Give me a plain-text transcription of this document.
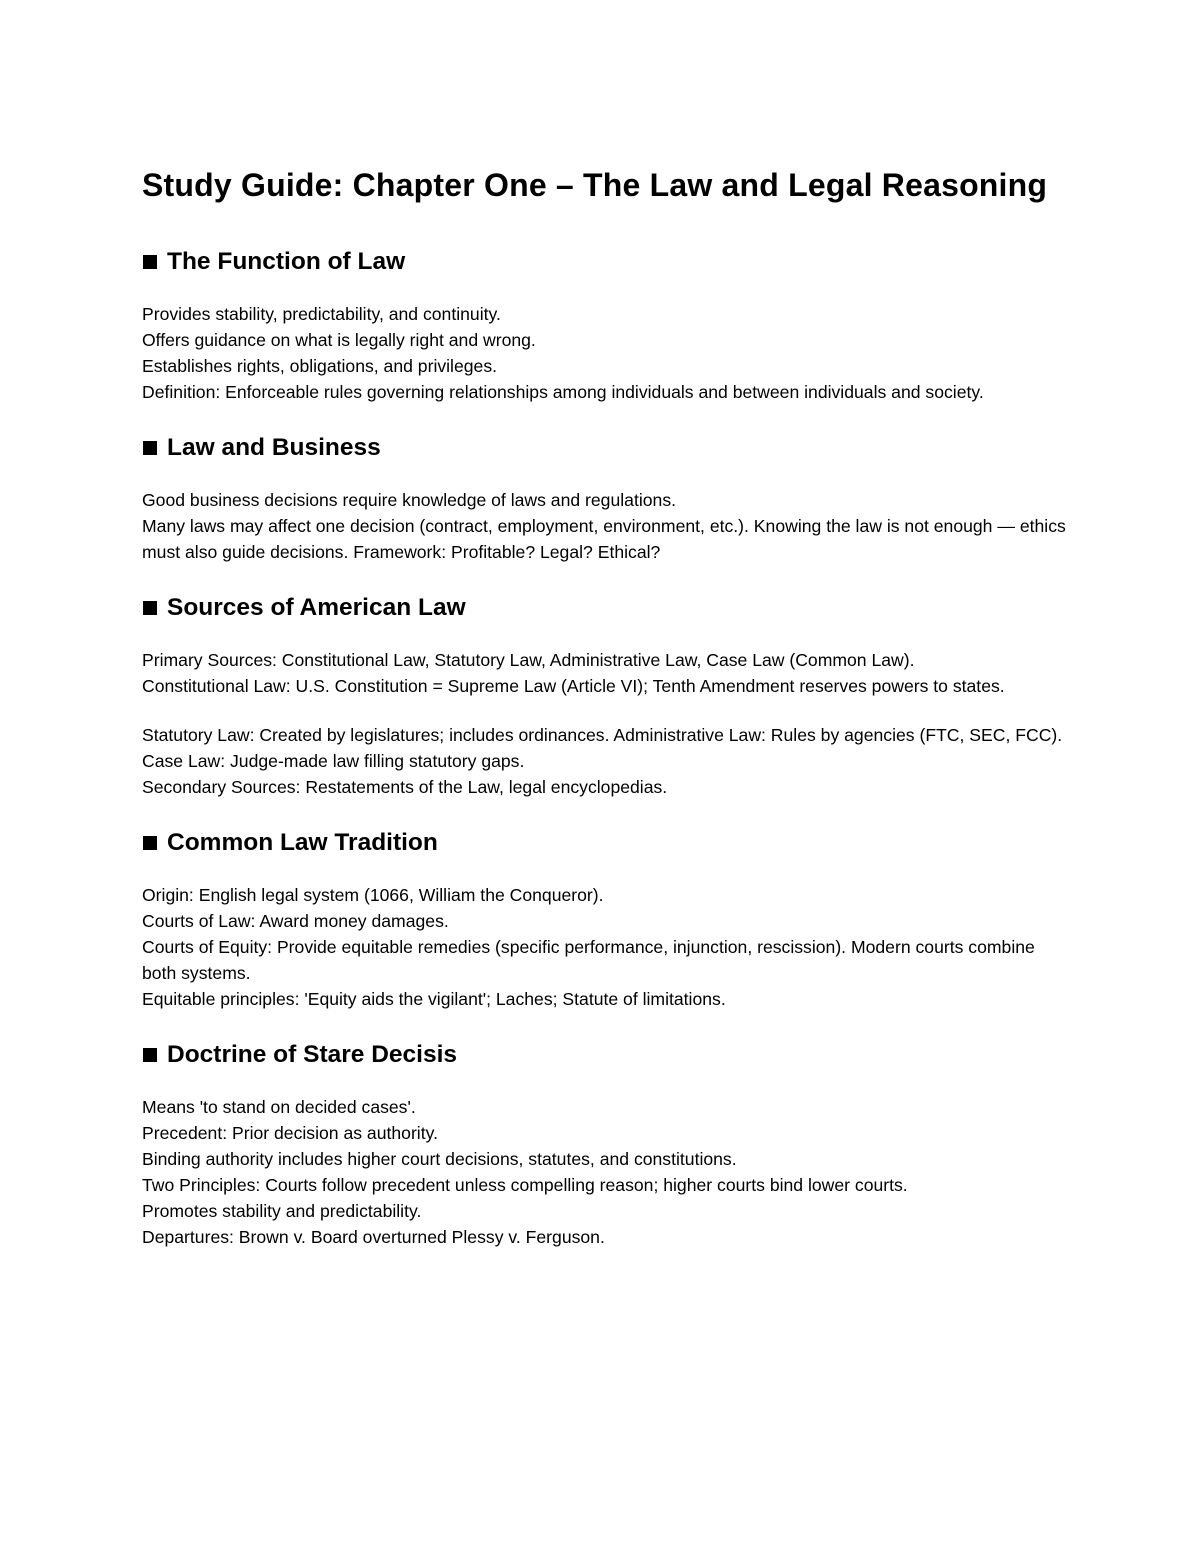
Study Guide: Chapter One – The Law and Legal Reasoning
The Function of Law

Provides stability, predictability, and continuity.

Offers guidance on what is legally right and wrong.

Establishes rights, obligations, and privileges.

Definition: Enforceable rules governing relationships among individuals and between individuals and society.

Law and Business

Good business decisions require knowledge of laws and regulations.

Many laws may affect one decision (contract, employment, environment, etc.). Knowing the law is not enough — ethics must also guide decisions. Framework: Profitable? Legal? Ethical?

Sources of American Law

Primary Sources: Constitutional Law, Statutory Law, Administrative Law, Case Law (Common Law).

Constitutional Law: U.S. Constitution = Supreme Law (Article VI); Tenth Amendment reserves powers to states.

Statutory Law: Created by legislatures; includes ordinances. Administrative Law: Rules by agencies (FTC, SEC, FCC).

Case Law: Judge-made law filling statutory gaps.

Secondary Sources: Restatements of the Law, legal encyclopedias.

Common Law Tradition

Origin: English legal system (1066, William the Conqueror).

Courts of Law: Award money damages.

Courts of Equity: Provide equitable remedies (specific performance, injunction, rescission). Modern courts combine both systems.

Equitable principles: 'Equity aids the vigilant'; Laches; Statute of limitations.

Doctrine of Stare Decisis

Means 'to stand on decided cases'.

Precedent: Prior decision as authority.

Binding authority includes higher court decisions, statutes, and constitutions.

Two Principles: Courts follow precedent unless compelling reason; higher courts bind lower courts.

Promotes stability and predictability.

Departures: Brown v. Board overturned Plessy v. Ferguson.
